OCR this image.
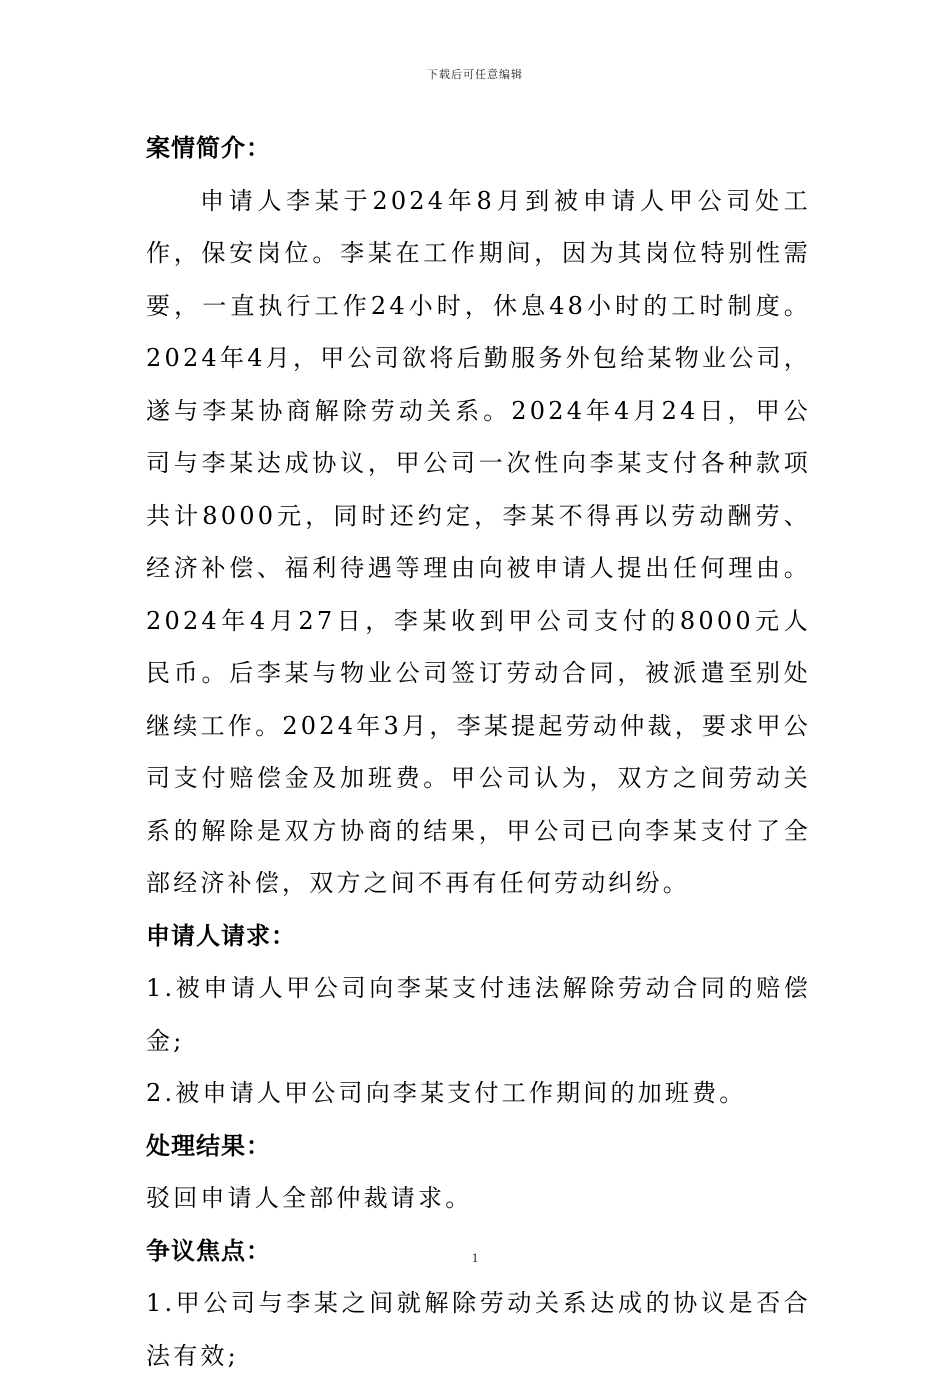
下载后可任意编辑

案情简介：

申请人李某于2024年8月到被申请人甲公司处工作，保安岗位。李某在工作期间，因为其岗位特别性需要，一直执行工作24小时，休息48小时的工时制度。2024年4月，甲公司欲将后勤服务外包给某物业公司，遂与李某协商解除劳动关系。2024年4月24日，甲公司与李某达成协议，甲公司一次性向李某支付各种款项共计8000元，同时还约定，李某不得再以劳动酬劳、经济补偿、福利待遇等理由向被申请人提出任何理由。2024年4月27日，李某收到甲公司支付的8000元人民币。后李某与物业公司签订劳动合同，被派遣至别处继续工作。2024年3月，李某提起劳动仲裁，要求甲公司支付赔偿金及加班费。甲公司认为，双方之间劳动关系的解除是双方协商的结果，甲公司已向李某支付了全部经济补偿，双方之间不再有任何劳动纠纷。

申请人请求：

1.被申请人甲公司向李某支付违法解除劳动合同的赔偿金;

2.被申请人甲公司向李某支付工作期间的加班费。

处理结果：

驳回申请人全部仲裁请求。

争议焦点：

1.甲公司与李某之间就解除劳动关系达成的协议是否合法有效;

1
